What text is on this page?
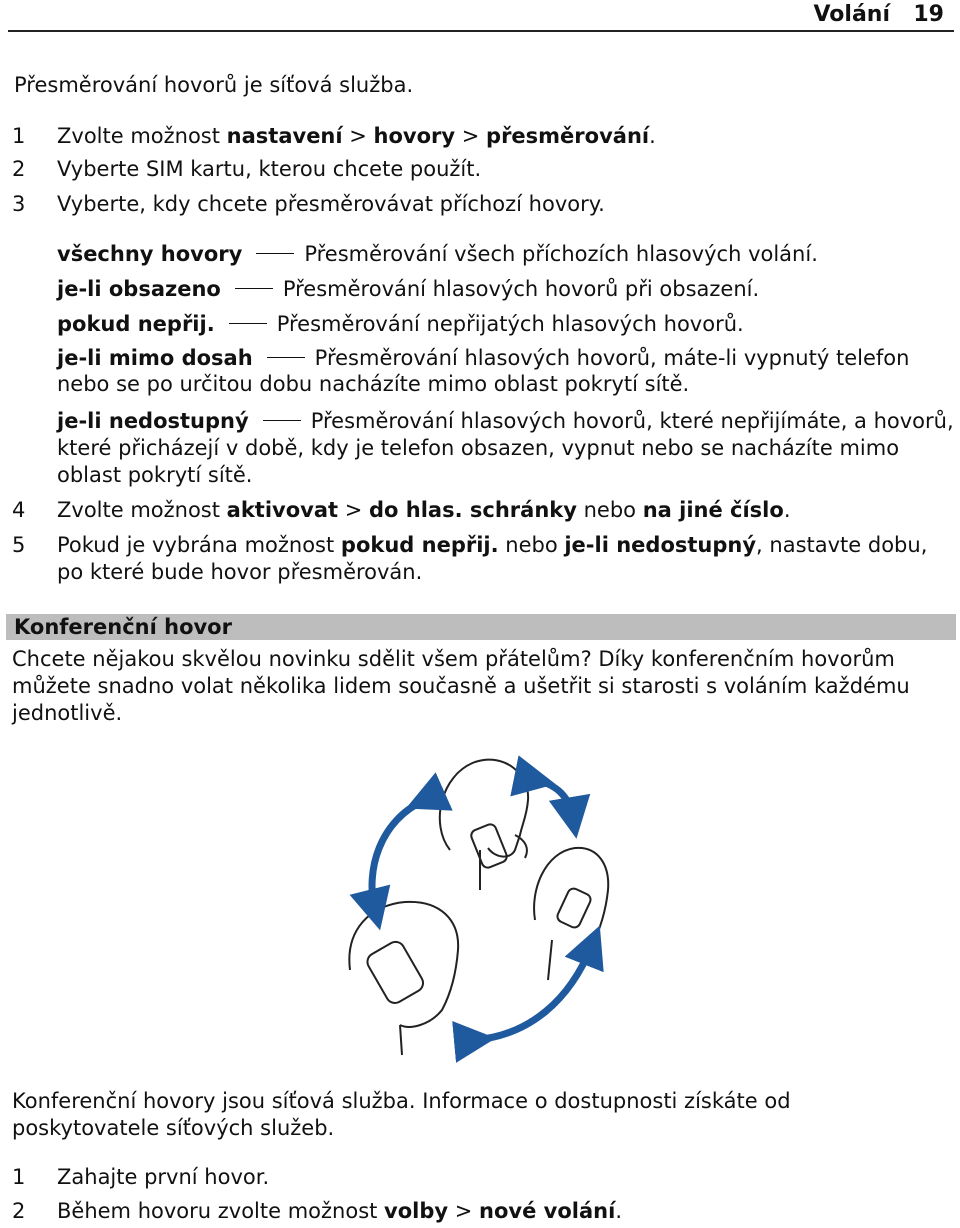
Volání 19
Přesměrování hovorů je síťová služba.
1 Zvolte možnost nastavení > hovory > přesměrování.
2 Vyberte SIM kartu, kterou chcete použít.
3 Vyberte, kdy chcete přesměrovávat příchozí hovory.
všechny hovory	Přesměrování všech příchozích hlasových volání.
je-li obsazeno	Přesměrování hlasových hovorů při obsazení.
pokud nepřij.	Přesměrování nepřijatých hlasových hovorů.
je-li mimo dosah	Přesměrování hlasových hovorů, máte-li vypnutý telefon
nebo se po určitou dobu nacházíte mimo oblast pokrytí sítě.
je-li nedostupný	Přesměrování hlasových hovorů, které nepřijímáte, a hovorů,
které přicházejí v době, kdy je telefon obsazen, vypnut nebo se nacházíte mimo
oblast pokrytí sítě.
4 Zvolte možnost aktivovat > do hlas. schránky nebo na jiné číslo.
5 Pokud je vybrána možnost pokud nepřij. nebo je-li nedostupný, nastavte dobu,
po které bude hovor přesměrován.
Konferenční hovor
Chcete nějakou skvělou novinku sdělit všem přátelům? Díky konferenčním hovorům
můžete snadno volat několika lidem současně a ušetřit si starosti s voláním každému
jednotlivě.
Konferenční hovory jsou síťová služba. Informace o dostupnosti získáte od
poskytovatele síťových služeb.
1 Zahajte první hovor.
2 Během hovoru zvolte možnost volby > nové volání.
